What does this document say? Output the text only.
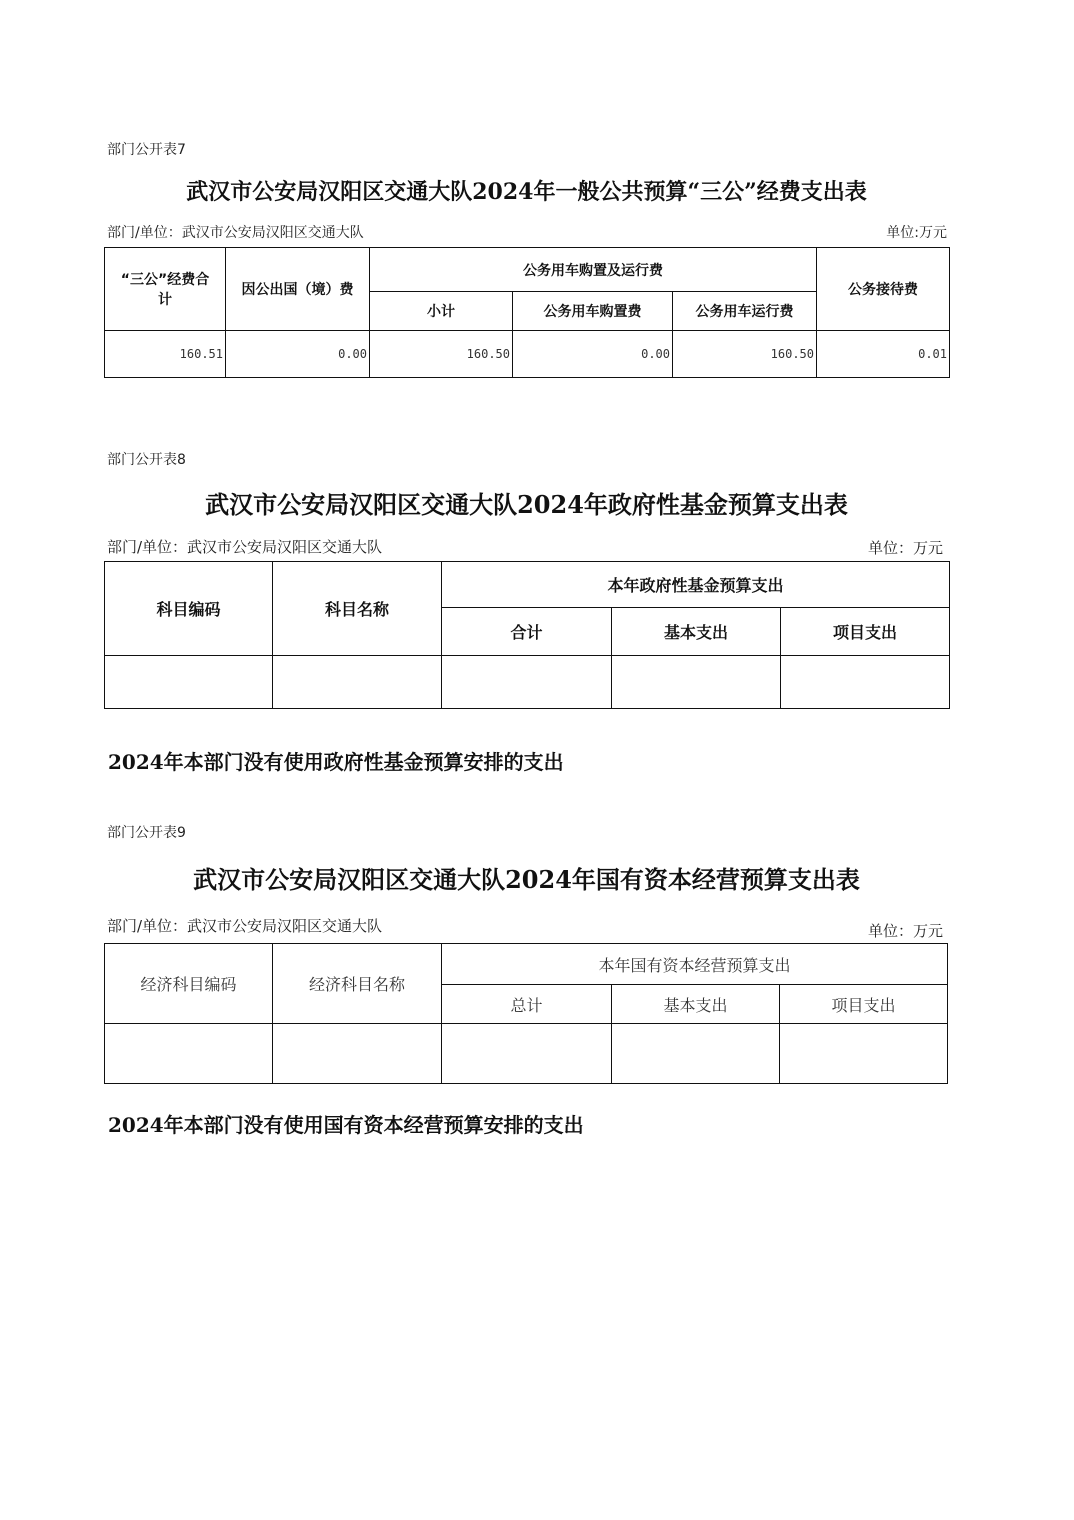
部门公开表7
武汉市公安局汉阳区交通大队2024年一般公共预算“三公”经费支出表
部门/单位：武汉市公安局汉阳区交通大队	单位:万元
“三公”经费合计	因公出国（境）费	公务用车购置及运行费			公务接待费
		小计	公务用车购置费	公务用车运行费	
160.51	0.00	160.50	0.00	160.50	0.01
部门公开表8
武汉市公安局汉阳区交通大队2024年政府性基金预算支出表
部门/单位：武汉市公安局汉阳区交通大队	单位：万元
科目编码	科目名称	本年政府性基金预算支出		
		合计	基本支出	项目支出

2024年本部门没有使用政府性基金预算安排的支出
部门公开表9
武汉市公安局汉阳区交通大队2024年国有资本经营预算支出表
部门/单位：武汉市公安局汉阳区交通大队	单位：万元
经济科目编码	经济科目名称	本年国有资本经营预算支出		
		总计	基本支出	项目支出

2024年本部门没有使用国有资本经营预算安排的支出
